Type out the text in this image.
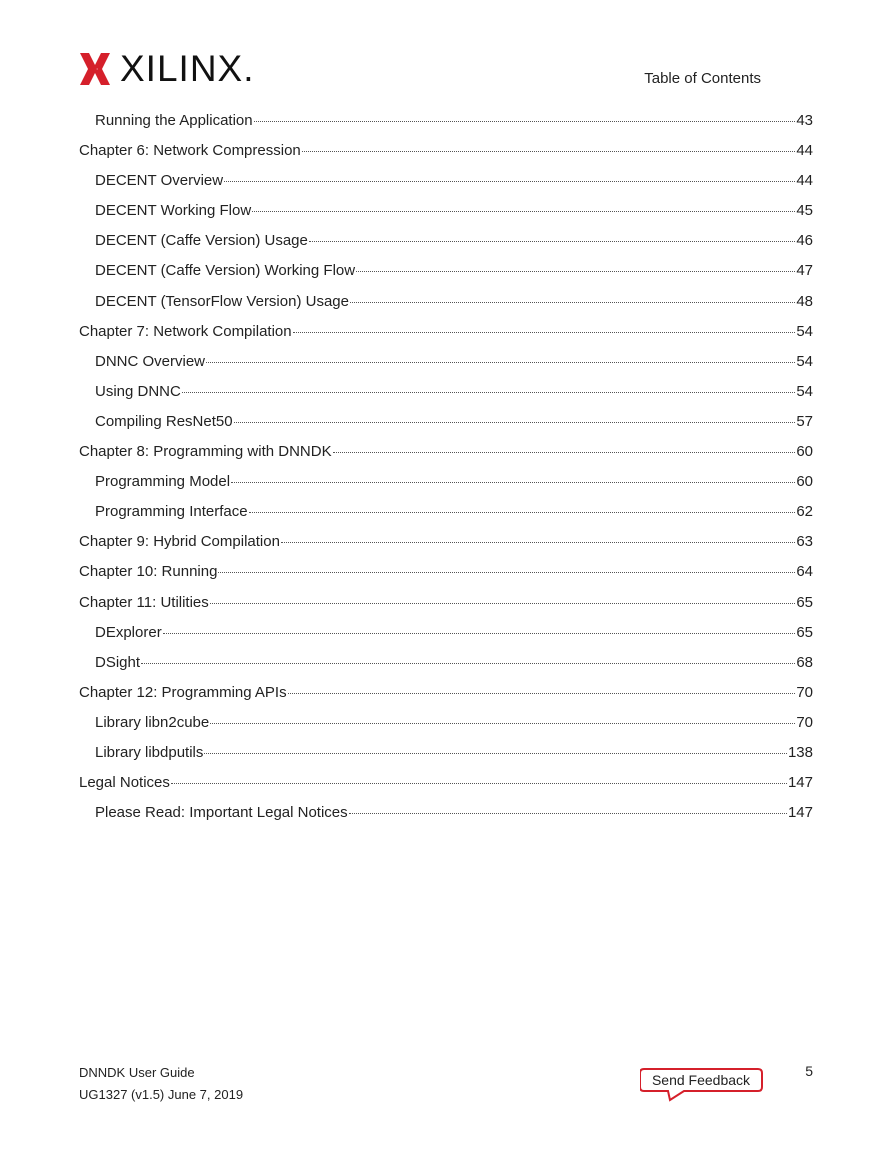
XILINX.	Table of Contents
Running the Application	43
Chapter 6: Network Compression	44
DECENT Overview	44
DECENT Working Flow	45
DECENT (Caffe Version) Usage	46
DECENT (Caffe Version) Working Flow	47
DECENT (TensorFlow Version) Usage	48
Chapter 7: Network Compilation	54
DNNC Overview	54
Using DNNC	54
Compiling ResNet50	57
Chapter 8: Programming with DNNDK	60
Programming Model	60
Programming Interface	62
Chapter 9: Hybrid Compilation	63
Chapter 10: Running	64
Chapter 11: Utilities	65
DExplorer	65
DSight	68
Chapter 12: Programming APIs	70
Library libn2cube	70
Library libdputils	138
Legal Notices	147
Please Read: Important Legal Notices	147
DNNDK User Guide
UG1327 (v1.5) June 7, 2019
Send Feedback
5
